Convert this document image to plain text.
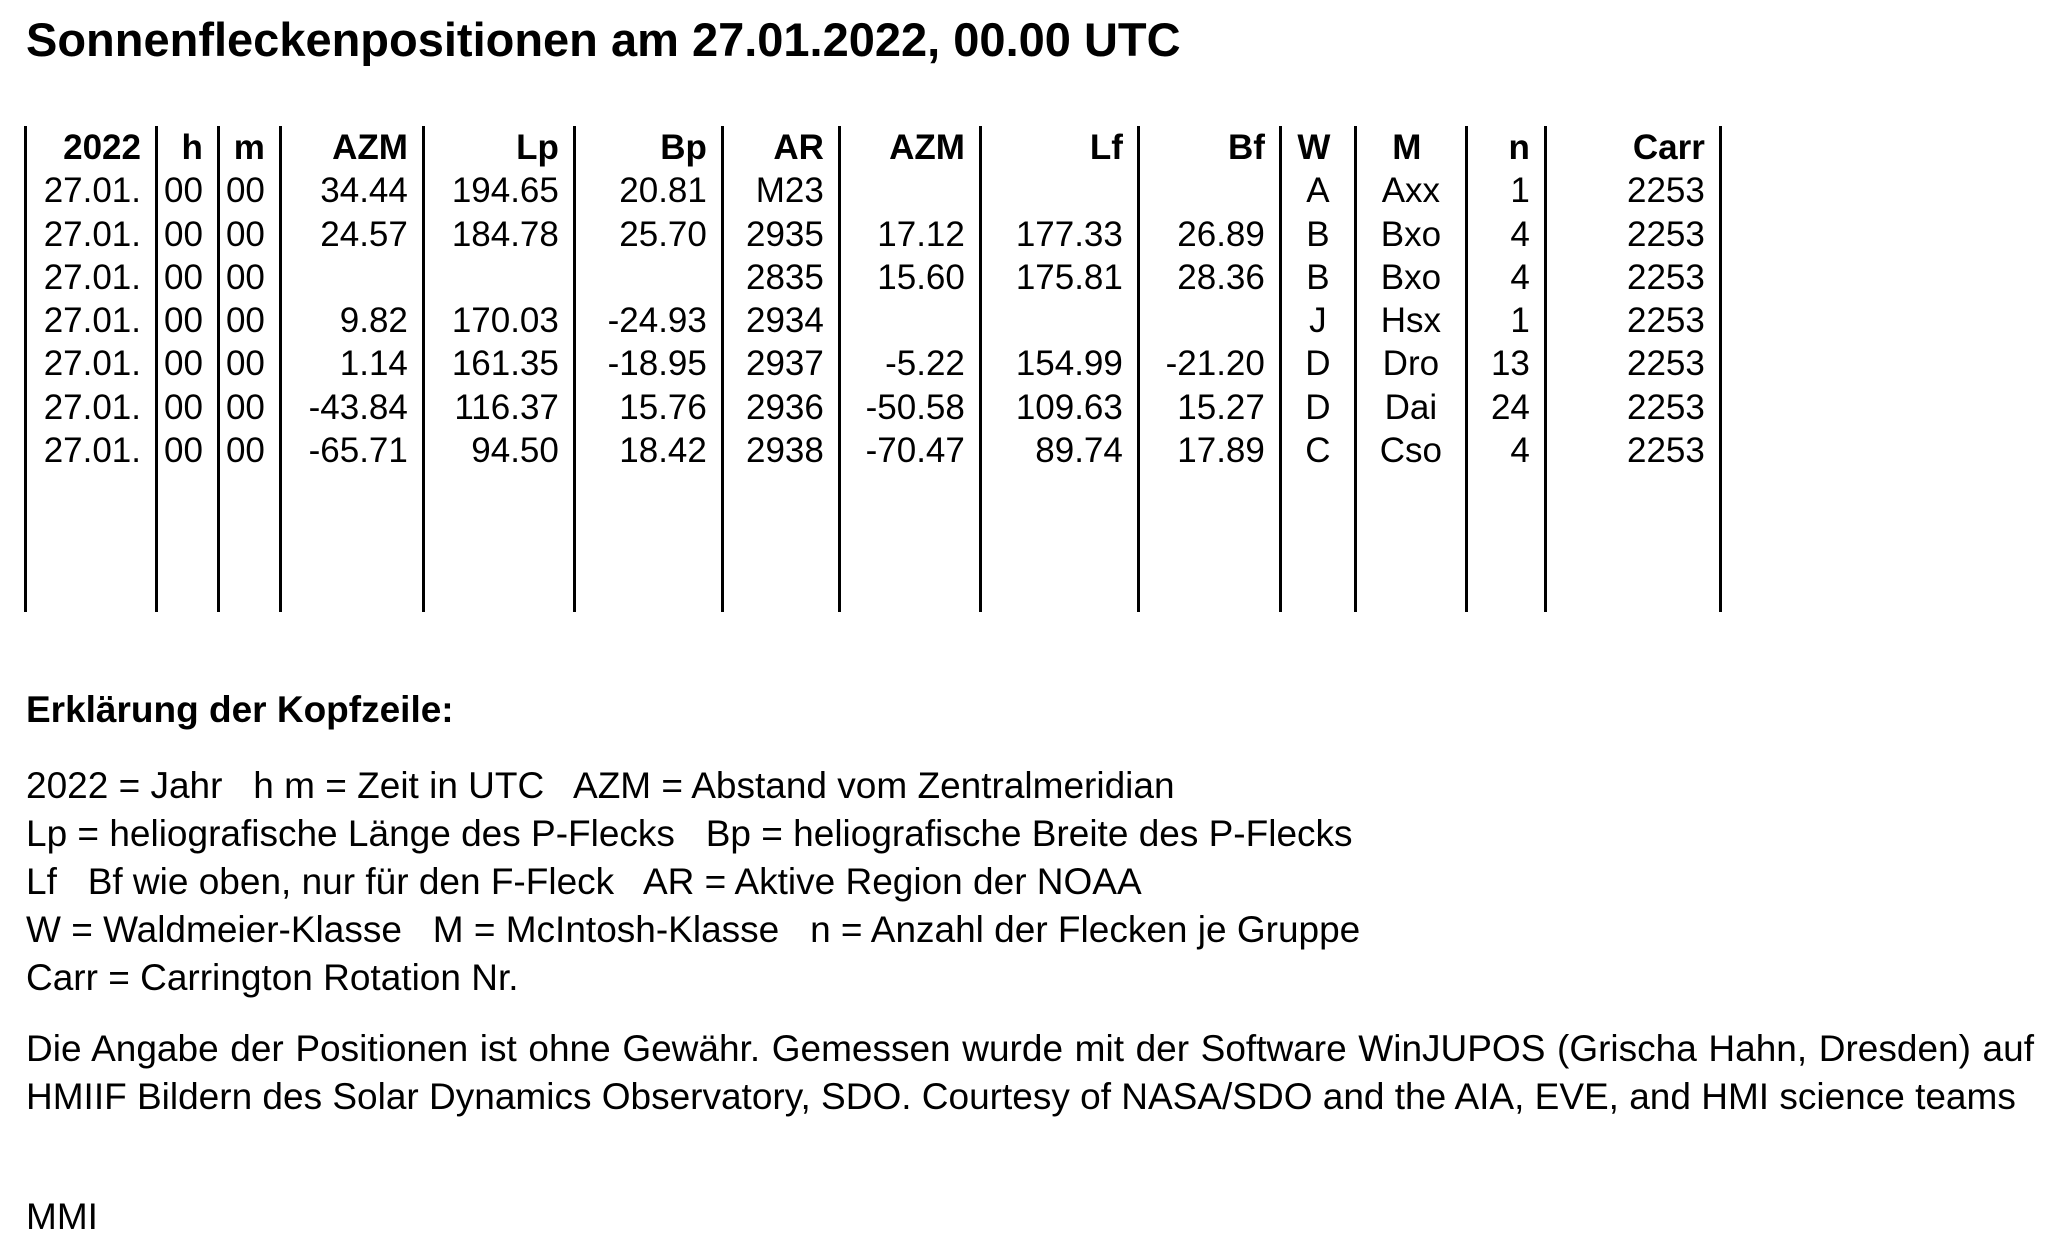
Sonnenfleckenpositionen am 27.01.2022, 00.00 UTC
2022	h	m	AZM	Lp	Bp	AR	AZM	Lf	Bf	W	M	n	Carr
27.01.	00	00	34.44	194.65	20.81	M23				A	Axx	1	2253
27.01.	00	00	24.57	184.78	25.70	2935	17.12	177.33	26.89	B	Bxo	4	2253
27.01.	00	00				2835	15.60	175.81	28.36	B	Bxo	4	2253
27.01.	00	00	9.82	170.03	-24.93	2934				J	Hsx	1	2253
27.01.	00	00	1.14	161.35	-18.95	2937	-5.22	154.99	-21.20	D	Dro	13	2253
27.01.	00	00	-43.84	116.37	15.76	2936	-50.58	109.63	15.27	D	Dai	24	2253
27.01.	00	00	-65.71	94.50	18.42	2938	-70.47	89.74	17.89	C	Cso	4	2253

Erklärung der Kopfzeile:
2022 = Jahr   h m = Zeit in UTC   AZM = Abstand vom Zentralmeridian
Lp = heliografische Länge des P-Flecks   Bp = heliografische Breite des P-Flecks
Lf   Bf wie oben, nur für den F-Fleck   AR = Aktive Region der NOAA
W = Waldmeier-Klasse   M = McIntosh-Klasse   n = Anzahl der Flecken je Gruppe
Carr = Carrington Rotation Nr.
Die Angabe der Positionen ist ohne Gewähr. Gemessen wurde mit der Software WinJUPOS (Grischa Hahn, Dresden) auf HMIIF Bildern des Solar Dynamics Observatory, SDO. Courtesy of NASA/SDO and the AIA, EVE, and HMI science teams
MMI
